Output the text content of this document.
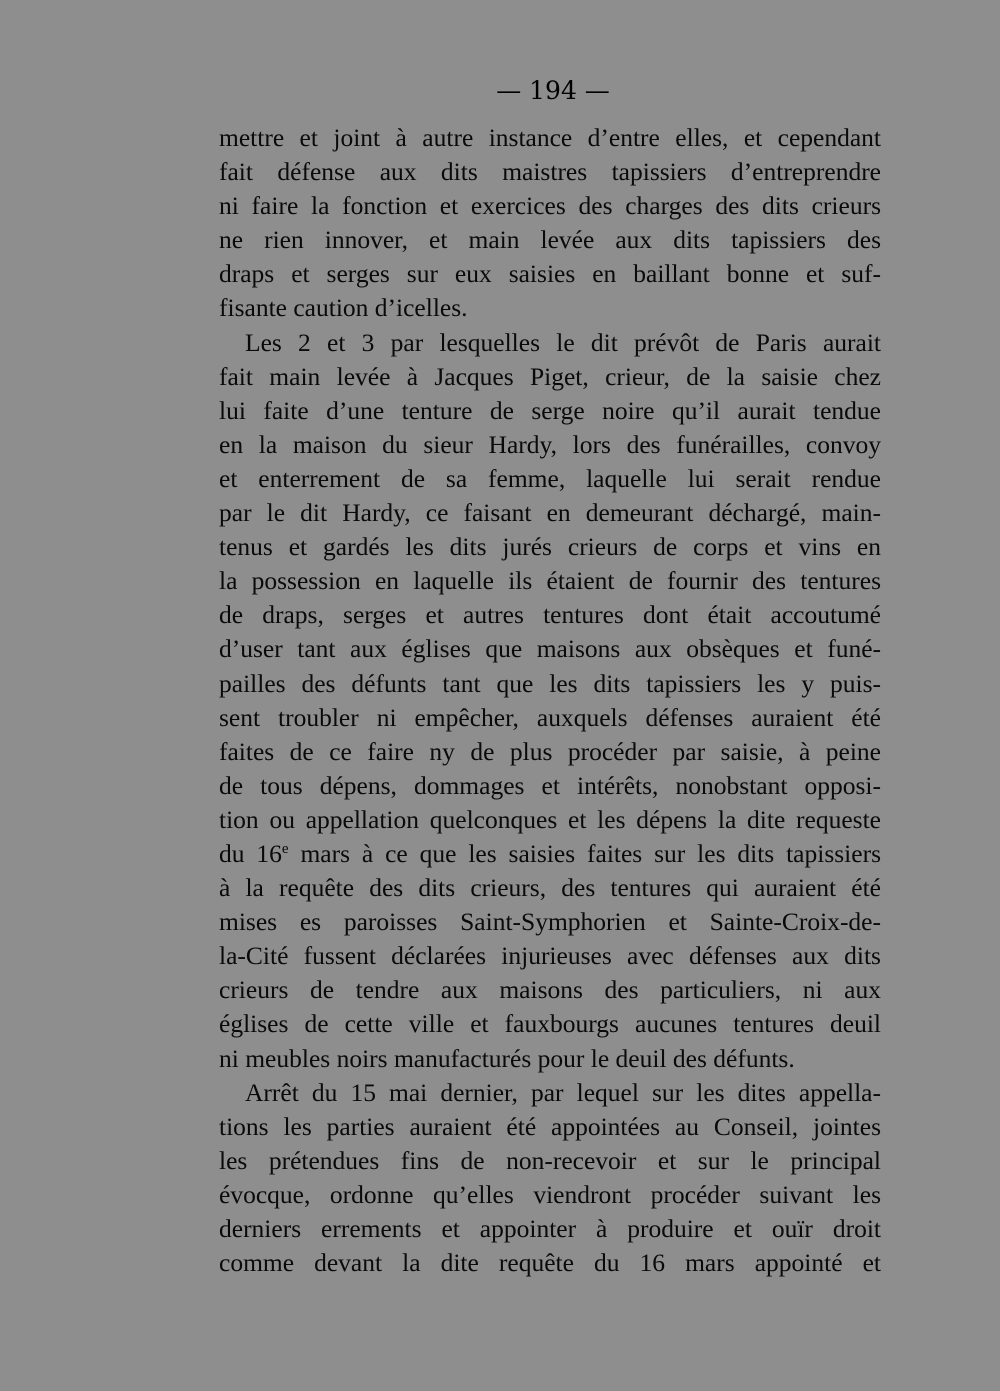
— 194 —
mettre et joint à autre instance d’entre elles, et cependant
fait défense aux dits maistres tapissiers d’entreprendre
ni faire la fonction et exercices des charges des dits crieurs
ne rien innover, et main levée aux dits tapissiers des
draps et serges sur eux saisies en baillant bonne et suf-
fisante caution d’icelles.
Les 2 et 3 par lesquelles le dit prévôt de Paris aurait
fait main levée à Jacques Piget, crieur, de la saisie chez
lui faite d’une tenture de serge noire qu’il aurait tendue
en la maison du sieur Hardy, lors des funérailles, convoy
et enterrement de sa femme, laquelle lui serait rendue
par le dit Hardy, ce faisant en demeurant déchargé, main-
tenus et gardés les dits jurés crieurs de corps et vins en
la possession en laquelle ils étaient de fournir des tentures
de draps, serges et autres tentures dont était accoutumé
d’user tant aux églises que maisons aux obsèques et funé-
pailles des défunts tant que les dits tapissiers les y puis-
sent troubler ni empêcher, auxquels défenses auraient été
faites de ce faire ny de plus procéder par saisie, à peine
de tous dépens, dommages et intérêts, nonobstant opposi-
tion ou appellation quelconques et les dépens la dite requeste
du 16e mars à ce que les saisies faites sur les dits tapissiers
à la requête des dits crieurs, des tentures qui auraient été
mises es paroisses Saint-Symphorien et Sainte-Croix-de-
la-Cité fussent déclarées injurieuses avec défenses aux dits
crieurs de tendre aux maisons des particuliers, ni aux
églises de cette ville et fauxbourgs aucunes tentures deuil
ni meubles noirs manufacturés pour le deuil des défunts.
Arrêt du 15 mai dernier, par lequel sur les dites appella-
tions les parties auraient été appointées au Conseil, jointes
les prétendues fins de non-recevoir et sur le principal
évocque, ordonne qu’elles viendront procéder suivant les
derniers errements et appointer à produire et ouïr droit
comme devant la dite requête du 16 mars appointé et
